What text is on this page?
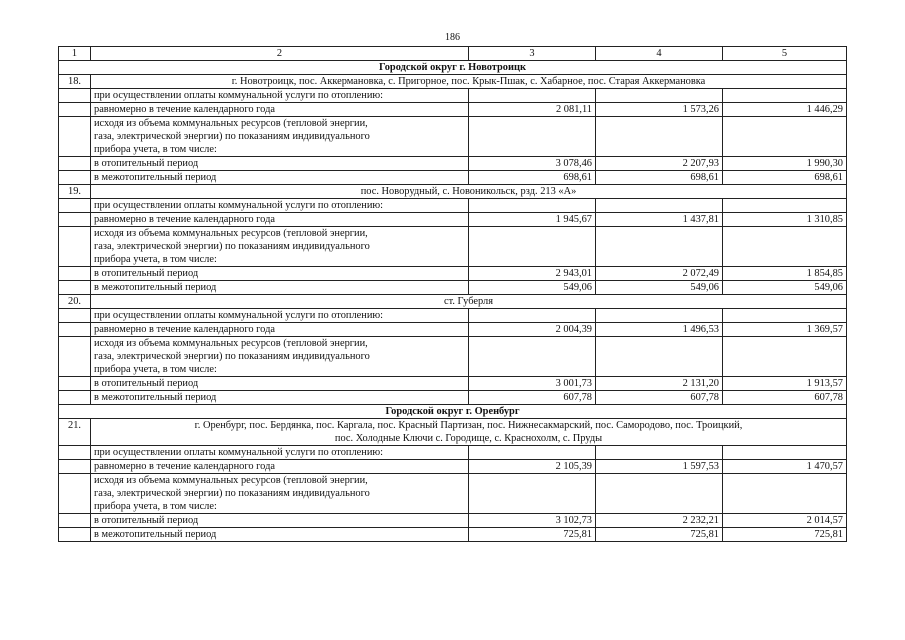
186
1	2	3	4	5
Городской округ г. Новотроицк				
18.	г. Новотроицк, пос. Аккермановка, с. Пригорное, пос. Крык-Пшак, с. Хабарное, пос. Старая Аккермановка			

	при осуществлении оплаты коммунальной услуги по отоплению:			
	равномерно в течение календарного года	2 081,11	1 573,26	1 446,29

	исходя из объема коммунальных ресурсов (тепловой энергии,
газа, электрической энергии) по показаниям индивидуального
прибора учета, в том числе:			

	в отопительный период	3 078,46	2 207,93	1 990,30
	в межотопительный период	698,61	698,61	698,61
19.	пос. Новорудный, с. Новоникольск, рзд. 213 «А»			

	при осуществлении оплаты коммунальной услуги по отоплению:			
	равномерно в течение календарного года	1 945,67	1 437,81	1 310,85

	исходя из объема коммунальных ресурсов (тепловой энергии,
газа, электрической энергии) по показаниям индивидуального
прибора учета, в том числе:			

	в отопительный период	2 943,01	2 072,49	1 854,85
	в межотопительный период	549,06	549,06	549,06
20.	ст. Губерля			

	при осуществлении оплаты коммунальной услуги по отоплению:			
	равномерно в течение календарного года	2 004,39	1 496,53	1 369,57

	исходя из объема коммунальных ресурсов (тепловой энергии,
газа, электрической энергии) по показаниям индивидуального
прибора учета, в том числе:			

	в отопительный период	3 001,73	2 131,20	1 913,57
	в межотопительный период	607,78	607,78	607,78
Городской округ г. Оренбург				
21.	г. Оренбург, пос. Бердянка, пос. Каргала, пос. Красный Партизан, пос. Нижнесакмарский, пос. Самородово, пос. Троицкий,
пос. Холодные Ключи с. Городище, с. Краснохолм, с. Пруды			

	при осуществлении оплаты коммунальной услуги по отоплению:			
	равномерно в течение календарного года	2 105,39	1 597,53	1 470,57

	исходя из объема коммунальных ресурсов (тепловой энергии,
газа, электрической энергии) по показаниям индивидуального
прибора учета, в том числе:			

	в отопительный период	3 102,73	2 232,21	2 014,57
	в межотопительный период	725,81	725,81	725,81
